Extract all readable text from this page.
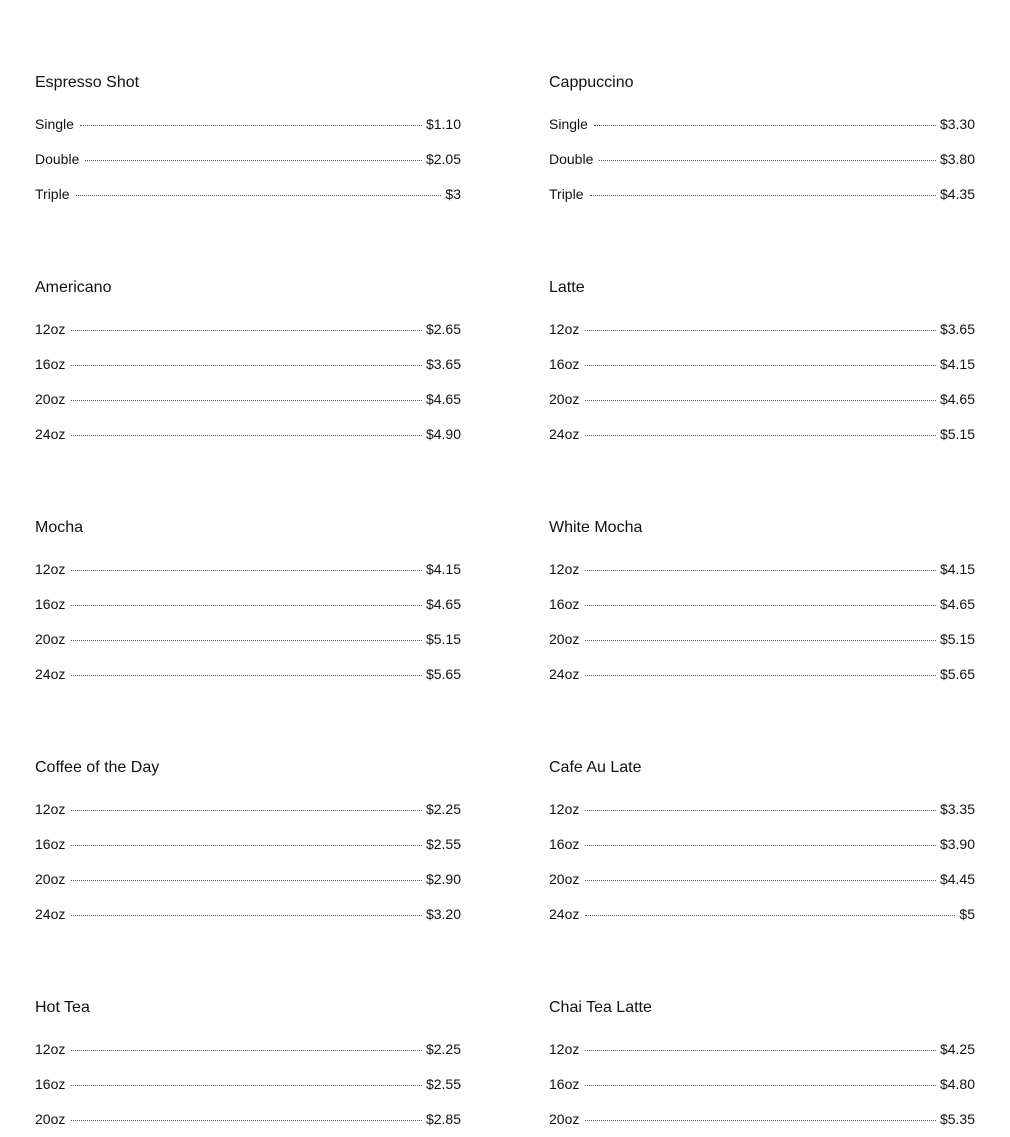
Espresso Shot
Single	$1.10
Double	$2.05
Triple	$3
Cappuccino
Single	$3.30
Double	$3.80
Triple	$4.35
Americano
12oz	$2.65
16oz	$3.65
20oz	$4.65
24oz	$4.90
Latte
12oz	$3.65
16oz	$4.15
20oz	$4.65
24oz	$5.15
Mocha
12oz	$4.15
16oz	$4.65
20oz	$5.15
24oz	$5.65
White Mocha
12oz	$4.15
16oz	$4.65
20oz	$5.15
24oz	$5.65
Coffee of the Day
12oz	$2.25
16oz	$2.55
20oz	$2.90
24oz	$3.20
Cafe Au Late
12oz	$3.35
16oz	$3.90
20oz	$4.45
24oz	$5
Hot Tea
12oz	$2.25
16oz	$2.55
20oz	$2.85
Chai Tea Latte
12oz	$4.25
16oz	$4.80
20oz	$5.35
